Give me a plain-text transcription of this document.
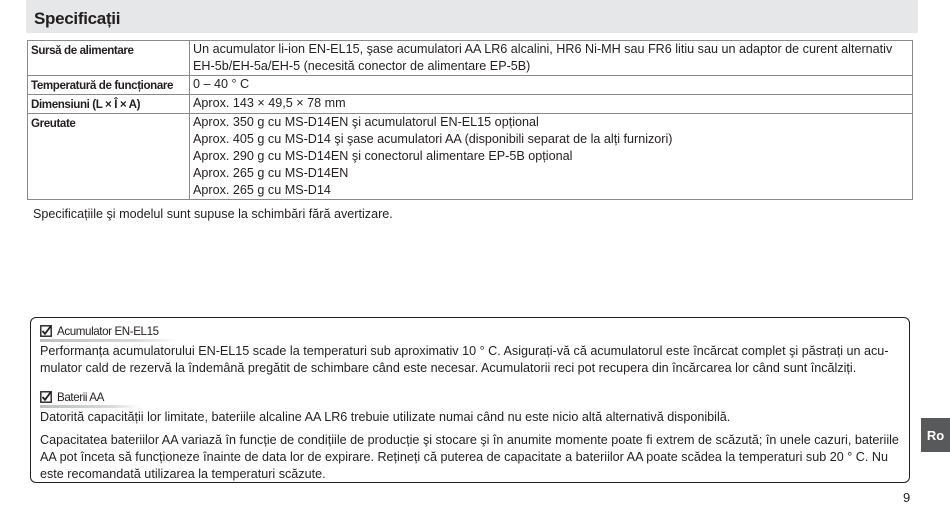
Specificații
Sursă de alimentare	Un acumulator li-ion EN-EL15, şase acumulatori AA LR6 alcalini, HR6 Ni-MH sau FR6 litiu sau un adaptor de curent alternativ
EH-5b/EH-5a/EH-5 (necesită conector de alimentare EP-5B)

Temperatură de funcționare	0 – 40 ° C

Dimensiuni (L × Î × A)	Aprox. 143 × 49,5 × 78 mm

Greutate	Aprox. 350 g cu MS-D14EN şi acumulatorul EN-EL15 opțional
Aprox. 405 g cu MS-D14 şi şase acumulatori AA (disponibili separat de la alți furnizori)
Aprox. 290 g cu MS-D14EN şi conectorul alimentare EP-5B opțional
Aprox. 265 g cu MS-D14EN
Aprox. 265 g cu MS-D14

Specificațiile şi modelul sunt supuse la schimbări fără avertizare.

Acumulator EN-EL15

Performanța acumulatorului EN-EL15 scade la temperaturi sub aproximativ 10 ° C. Asigurați-vă că acumulatorul este încărcat complet şi păstrați un acu-mulator cald de rezervă la îndemână pregătit de schimbare când este necesar. Acumulatorii reci pot recupera din încărcarea lor când sunt încălziți.

Baterii AA

Datorită capacității lor limitate, bateriile alcaline AA LR6 trebuie utilizate numai când nu este nicio altă alternativă disponibilă.

Capacitatea bateriilor AA variază în funcție de condițiile de producție şi stocare şi în anumite momente poate fi extrem de scăzută; în unele cazuri, bateriile AA pot înceta să funcționeze înainte de data lor de expirare. Rețineți că puterea de capacitate a bateriilor AA poate scădea la temperaturi sub 20 ° C. Nu este recomandată utilizarea la temperaturi scăzute.

Ro
9
